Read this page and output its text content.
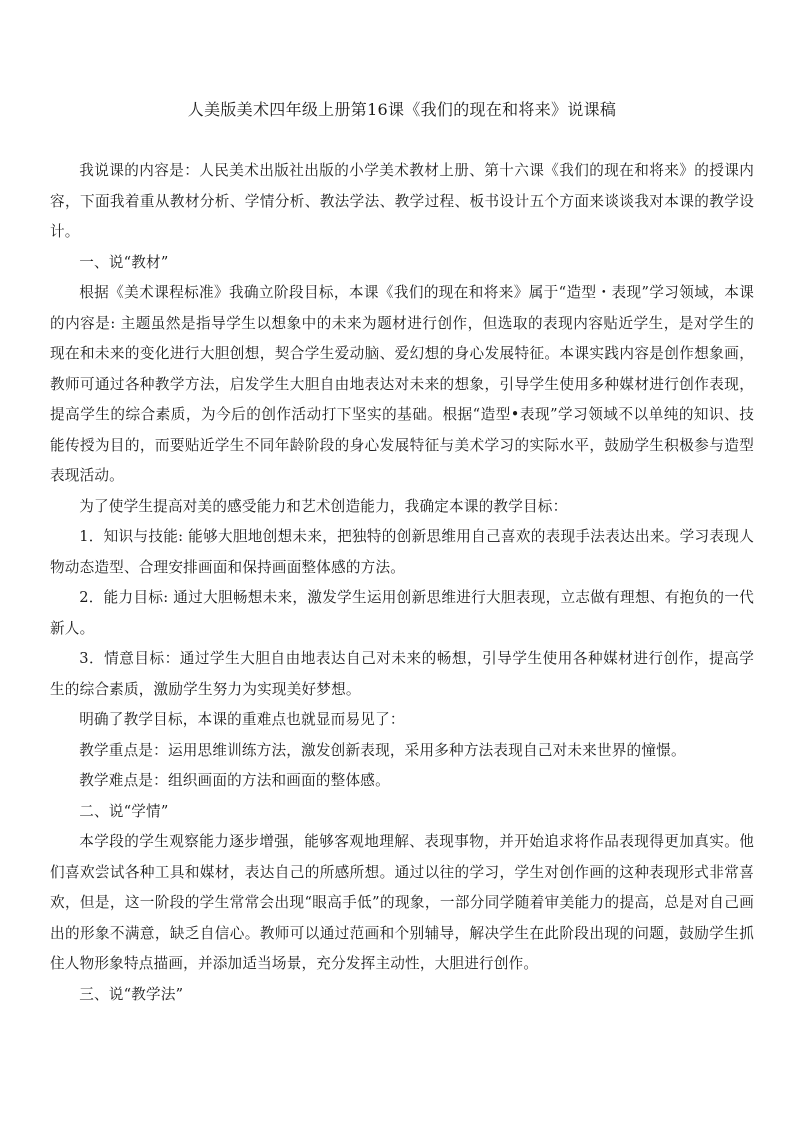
人美版美术四年级上册第16课《我们的现在和将来》说课稿

我说课的内容是：人民美术出版社出版的小学美术教材上册、第十六课《我们的现在和将来》的授课内容，下面我着重从教材分析、学情分析、教法学法、教学过程、板书设计五个方面来谈谈我对本课的教学设计。

一、说“教材”

根据《美术课程标准》我确立阶段目标，本课《我们的现在和将来》属于“造型・表现”学习领域，本课的内容是: 主题虽然是指导学生以想象中的未来为题材进行创作，但选取的表现内容贴近学生，是对学生的现在和未来的变化进行大胆创想，契合学生爱动脑、爱幻想的身心发展特征。本课实践内容是创作想象画，教师可通过各种教学方法，启发学生大胆自由地表达对未来的想象，引导学生使用多种媒材进行创作表现，提高学生的综合素质，为今后的创作活动打下坚实的基础。根据“造型•表现”学习领域不以单纯的知识、技能传授为目的，而要贴近学生不同年龄阶段的身心发展特征与美术学习的实际水平，鼓励学生积极参与造型表现活动。

为了使学生提高对美的感受能力和艺术创造能力，我确定本课的教学目标：

1．知识与技能: 能够大胆地创想未来，把独特的创新思维用自己喜欢的表现手法表达出来。学习表现人物动态造型、合理安排画面和保持画面整体感的方法。

2．能力目标: 通过大胆畅想未来，激发学生运用创新思维进行大胆表现，立志做有理想、有抱负的一代新人。

3．情意目标：通过学生大胆自由地表达自己对未来的畅想，引导学生使用各种媒材进行创作，提高学生的综合素质，激励学生努力为实现美好梦想。

明确了教学目标，本课的重难点也就显而易见了：

教学重点是：运用思维训练方法，激发创新表现，采用多种方法表现自己对未来世界的憧憬。

教学难点是：组织画面的方法和画面的整体感。

二、说“学情”

本学段的学生观察能力逐步增强，能够客观地理解、表现事物，并开始追求将作品表现得更加真实。他们喜欢尝试各种工具和媒材，表达自己的所感所想。通过以往的学习，学生对创作画的这种表现形式非常喜欢，但是，这一阶段的学生常常会出现“眼高手低”的现象，一部分同学随着审美能力的提高，总是对自己画出的形象不满意，缺乏自信心。教师可以通过范画和个别辅导，解决学生在此阶段出现的问题，鼓励学生抓住人物形象特点描画，并添加适当场景，充分发挥主动性，大胆进行创作。

三、说“教学法”
